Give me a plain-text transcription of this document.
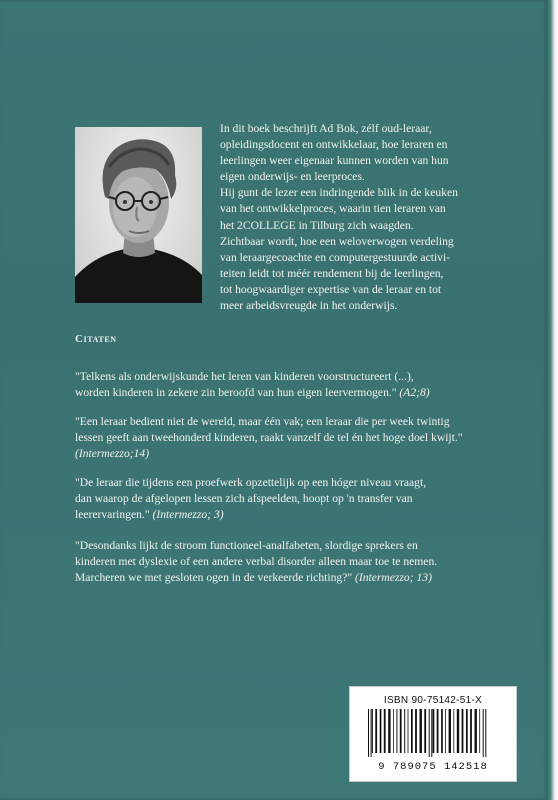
In dit boek beschrijft Ad Bok, zélf oud-leraar,

opleidingsdocent en ontwikkelaar, hoe leraren en

leerlingen weer eigenaar kunnen worden van hun

eigen onderwijs- en leerproces.

Hij gunt de lezer een indringende blik in de keuken

van het ontwikkelproces, waarin tien leraren van

het 2COLLEGE in Tilburg zich waagden.

Zichtbaar wordt, hoe een weloverwogen verdeling

van leraargecoachte en computergestuurde activi-

teiten leidt tot méér rendement bij de leerlingen,

tot hoogwaardiger expertise van de leraar en tot

meer arbeidsvreugde in het onderwijs.

Citaten
"Telkens als onderwijskunde het leren van kinderen voorstructureert (...),
worden kinderen in zekere zin beroofd van hun eigen leervermogen." (A2;8)
"Een leraar bedient niet de wereld, maar één vak; een leraar die per week twintig
lessen geeft aan tweehonderd kinderen, raakt vanzelf de tel én het hoge doel kwijt."
(Intermezzo;14)
"De leraar die tijdens een proefwerk opzettelijk op een hóger niveau vraagt,
dan waarop de afgelopen lessen zich afspeelden, hoopt op 'n transfer van
leerervaringen." (Intermezzo; 3)
"Desondanks lijkt de stroom functioneel-analfabeten, slordige sprekers en
kinderen met dyslexie of een andere verbal disorder alleen maar toe te nemen.
Marcheren we met gesloten ogen in de verkeerde richting?" (Intermezzo; 13)
ISBN 90-75142-51-X
9 789075 142518
